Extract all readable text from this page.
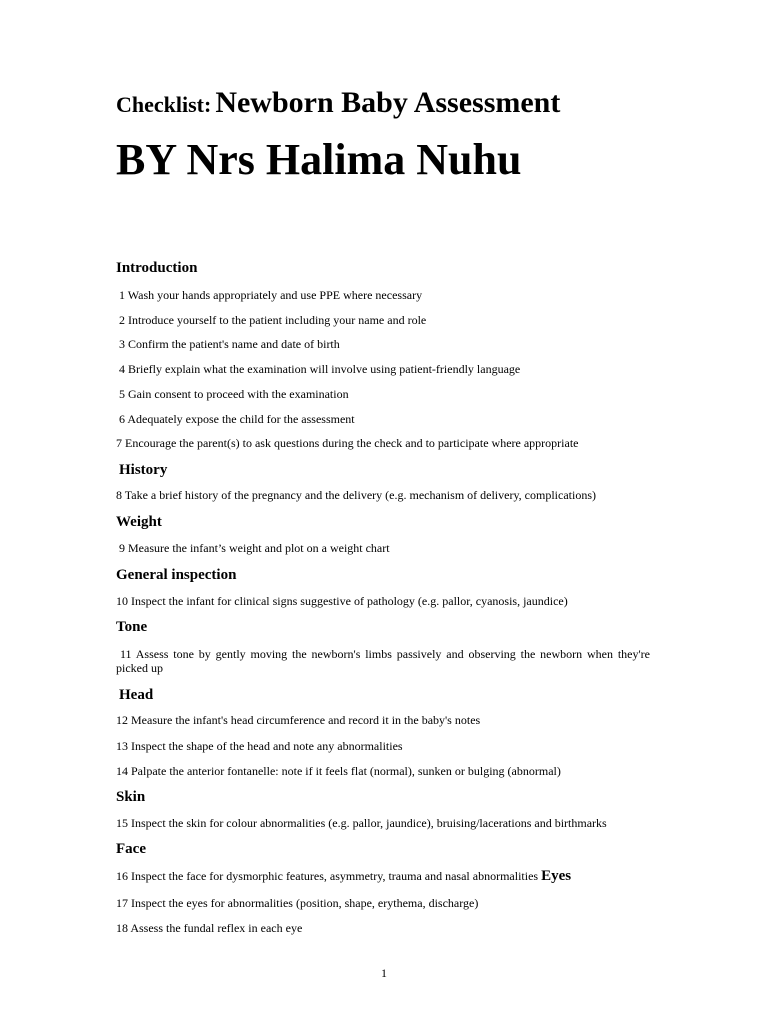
Checklist: Newborn Baby Assessment
BY Nrs Halima Nuhu
Introduction
1 Wash your hands appropriately and use PPE where necessary
2 Introduce yourself to the patient including your name and role
3 Confirm the patient's name and date of birth
4 Briefly explain what the examination will involve using patient-friendly language
5 Gain consent to proceed with the examination
6 Adequately expose the child for the assessment
7 Encourage the parent(s) to ask questions during the check and to participate where appropriate
History
8 Take a brief history of the pregnancy and the delivery (e.g. mechanism of delivery, complications)
Weight
9 Measure the infant’s weight and plot on a weight chart
General inspection
10 Inspect the infant for clinical signs suggestive of pathology (e.g. pallor, cyanosis, jaundice)
Tone
11 Assess tone by gently moving the newborn's limbs passively and observing the newborn when they're picked up
Head
12 Measure the infant's head circumference and record it in the baby's notes
13 Inspect the shape of the head and note any abnormalities
14 Palpate the anterior fontanelle: note if it feels flat (normal), sunken or bulging (abnormal)
Skin
15 Inspect the skin for colour abnormalities (e.g. pallor, jaundice), bruising/lacerations and birthmarks
Face
16 Inspect the face for dysmorphic features, asymmetry, trauma and nasal abnormalities Eyes
17 Inspect the eyes for abnormalities (position, shape, erythema, discharge)
18 Assess the fundal reflex in each eye
1
